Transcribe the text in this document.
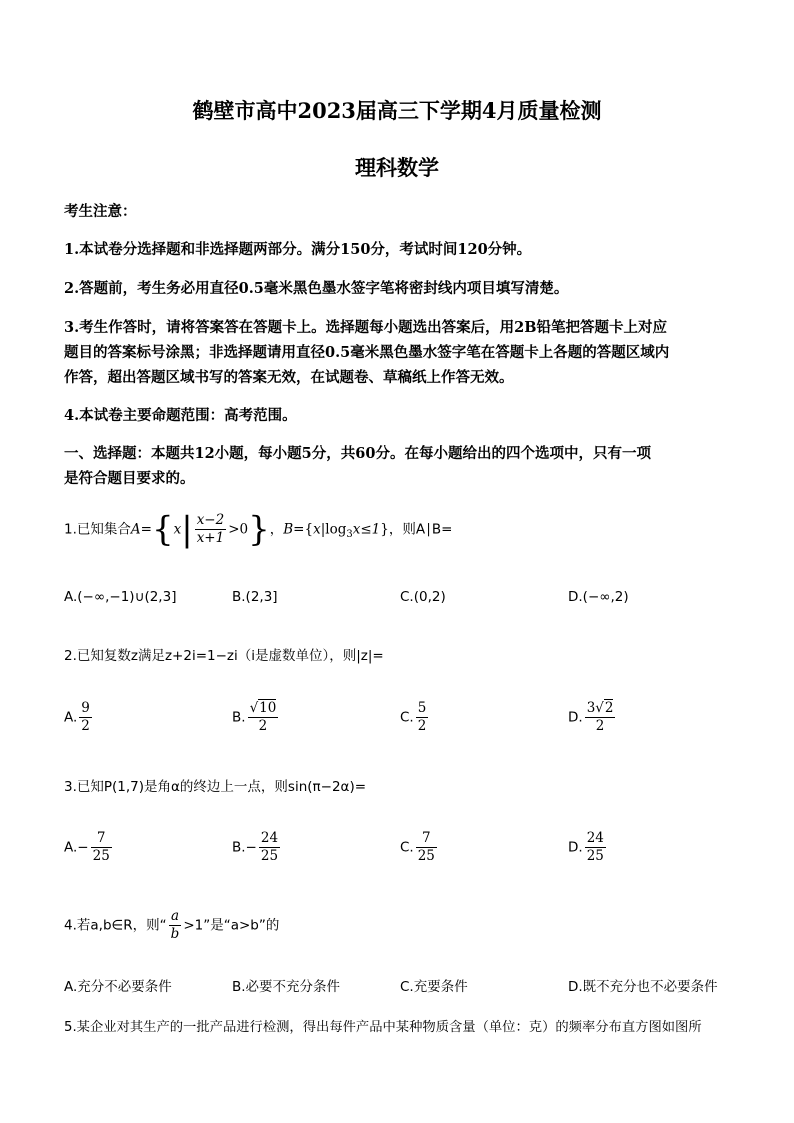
鹤壁市高中2023届高三下学期4月质量检测
理科数学
考生注意：
1.本试卷分选择题和非选择题两部分。满分150分，考试时间120分钟。
2.答题前，考生务必用直径0.5毫米黑色墨水签字笔将密封线内项目填写清楚。
3.考生作答时，请将答案答在答题卡上。选择题每小题选出答案后，用2B铅笔把答题卡上对应
题目的答案标号涂黑；非选择题请用直径0.5毫米黑色墨水签字笔在答题卡上各题的答题区域内
作答，超出答题区域书写的答案无效，在试题卷、草稿纸上作答无效。
4.本试卷主要命题范围：高考范围。
一、选择题：本题共12小题，每小题5分，共60分。在每小题给出的四个选项中，只有一项
是符合题目要求的。
1.已知集合$A=\{x| \frac{x-2}{x+1} >0\}$，$B=\{x|\log_3x\le 1\}$，则A∣B=
A.(−∞,−1)∪(2,3]	B.(2,3]	C.(0,2)	D.(−∞,2)
2.已知复数z满足z+2i=1−zi（i是虚数单位），则|z|=
A. $\frac{9}{2}$	B. $\frac{√10}{2}$	C. $\frac{5}{2}$	D. $\frac{3√2}{2}$
3.已知P(1,7)是角α的终边上一点，则sin(π−2α)=
$A.- \frac{7}{25}$	$B.- \frac{24}{25}$	C. $\frac{7}{25}$	D. $\frac{24}{25}$
4.若a,b∈R，则“ $\frac{a}{b} >1$”是“a>b”的
A.充分不必要条件	B.必要不充分条件	C.充要条件	D.既不充分也不必要条件
5.某企业对其生产的一批产品进行检测，得出每件产品中某种物质含量（单位：克）的频率分布直方图如图所
